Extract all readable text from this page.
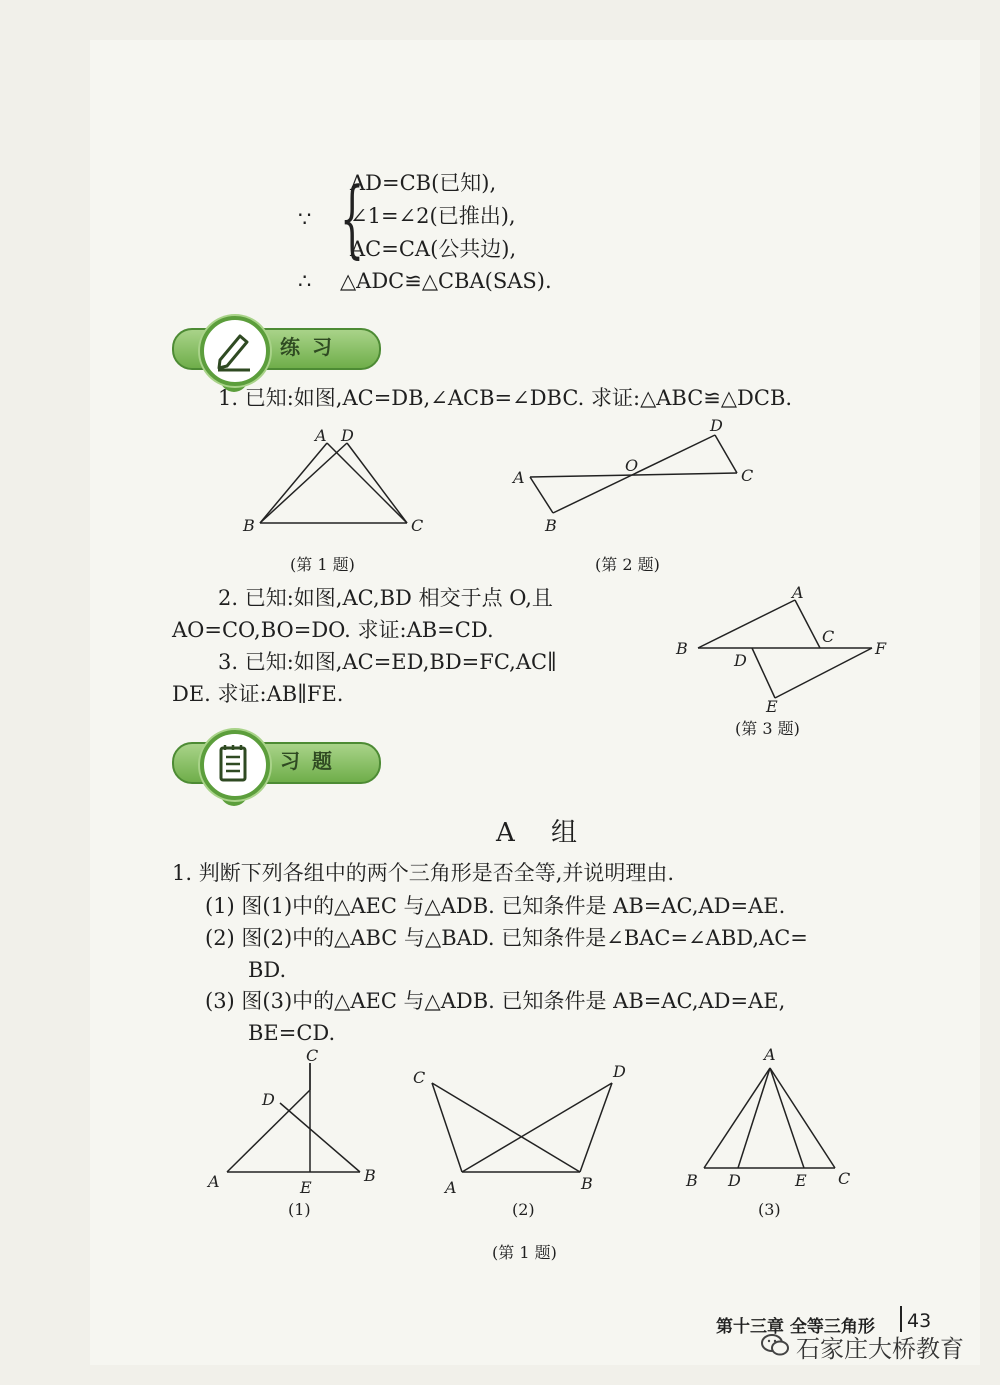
∵ {
AD=CB(已知),
∠1=∠2(已推出),
AC=CA(公共边),
∴ △ADC≌△CBA(SAS).
练习
1. 已知:如图,AC=DB,∠ACB=∠DBC. 求证:△ABC≌△DCB.
A D
B	C
(第 1 题)
A
B
C
D
O
(第 2 题)
2. 已知:如图,AC,BD 相交于点 O,且
AO=CO,BO=DO. 求证:AB=CD.
3. 已知:如图,AC=ED,BD=FC,AC∥
DE. 求证:AB∥FE.
B
A
C
D
F
E
(第 3 题)
习题
A 组
1. 判断下列各组中的两个三角形是否全等,并说明理由.
(1) 图(1)中的△AEC 与△ADB. 已知条件是 AB=AC,AD=AE.
(2) 图(2)中的△ABC 与△BAD. 已知条件是∠BAC=∠ABD,AC=
BD.
(3) 图(3)中的△AEC 与△ADB. 已知条件是 AB=AC,AD=AE,
BE=CD.
A	E
B
C
D
(1)
C	D
A	B
(2)
A
B D	E C
(3)
(第 1 题)
第十三章 全等三角形 43
石家庄大桥教育
